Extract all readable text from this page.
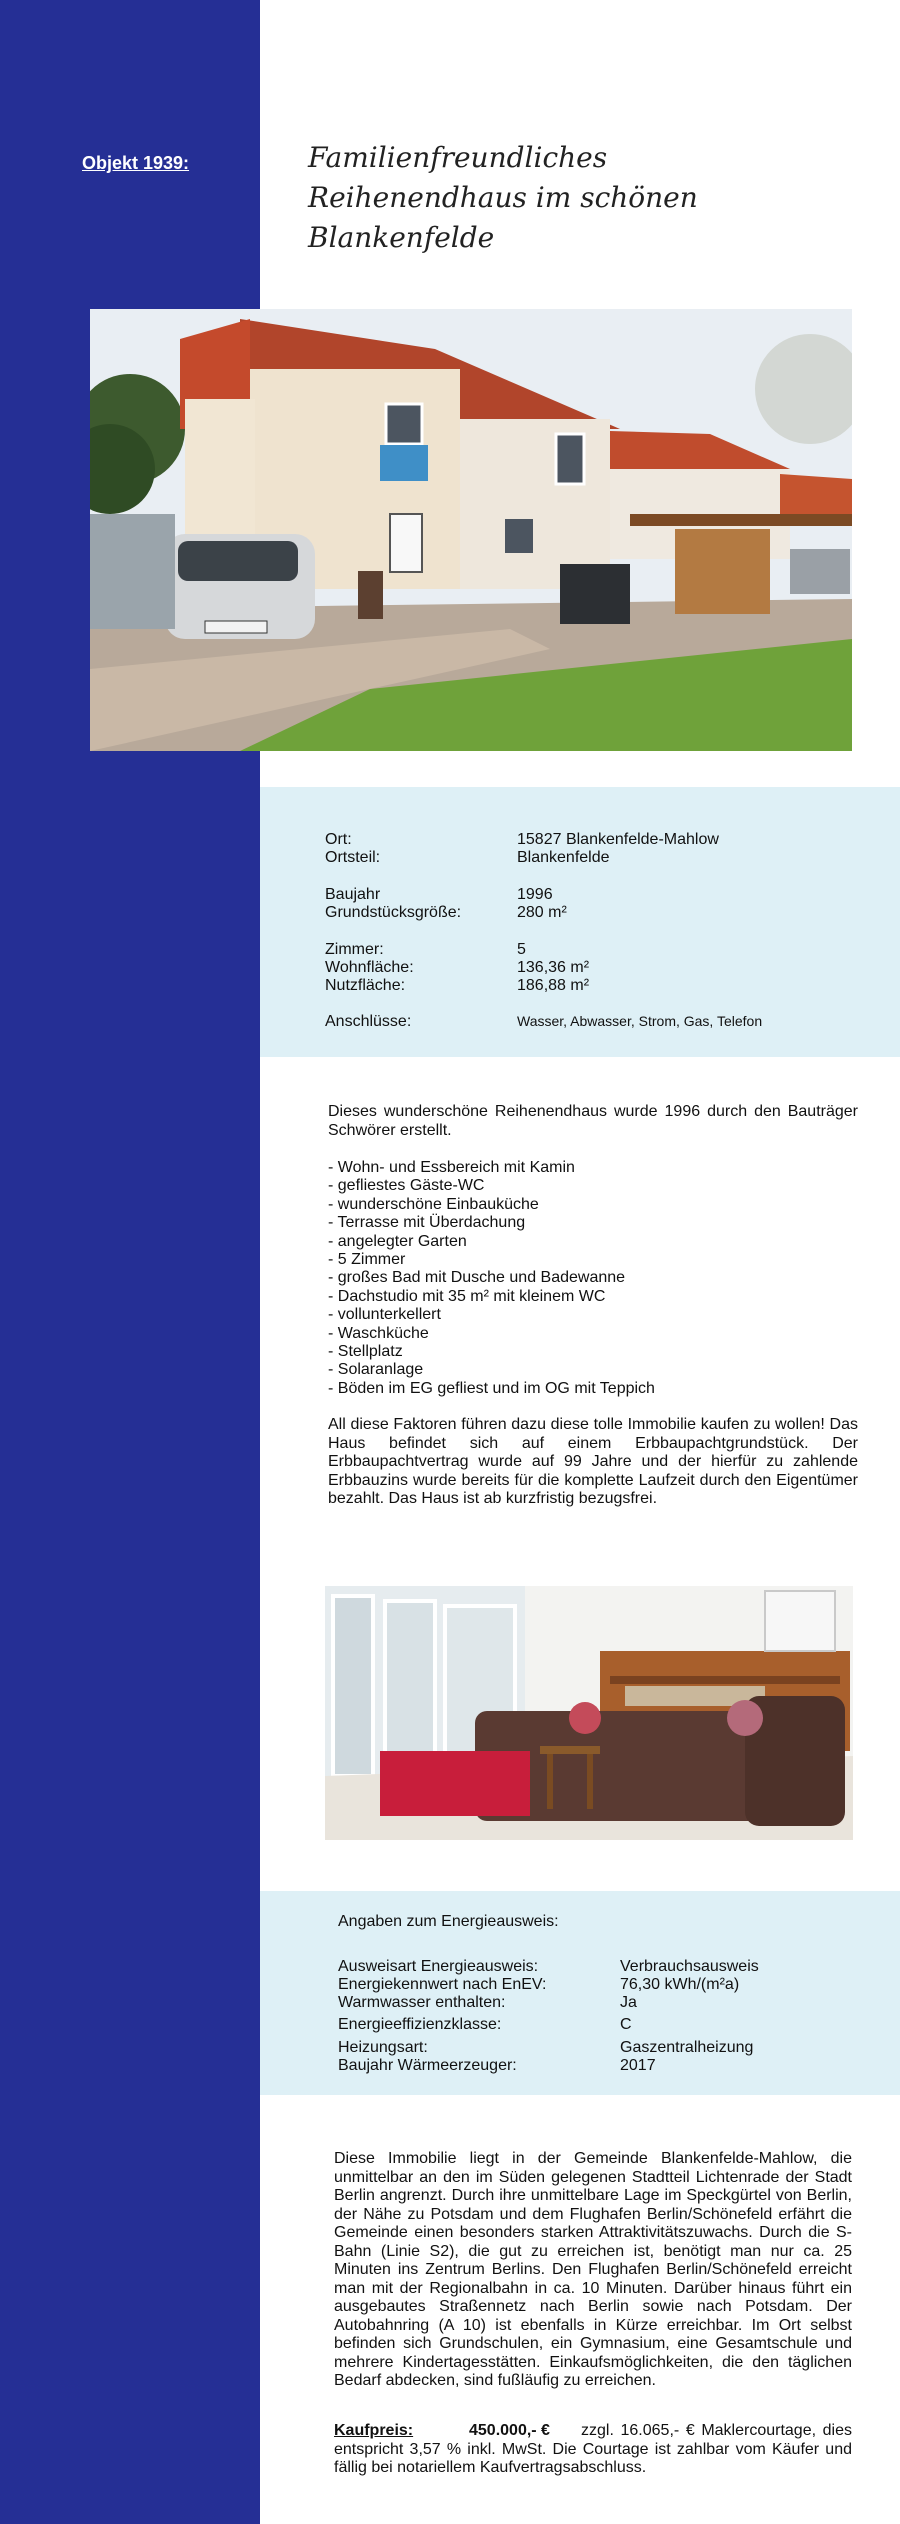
Objekt 1939:	Familienfreundliches Reihenendhaus im schönen Blankenfelde
Ort:	15827 Blankenfelde-Mahlow
Ortsteil:	Blankenfelde
Baujahr	1996
Grundstücksgröße:	280 m²
Zimmer:	5
Wohnfläche:	136,36 m²
Nutzfläche:	186,88 m²
Anschlüsse:	Wasser, Abwasser, Strom, Gas, Telefon
Dieses wunderschöne Reihenendhaus wurde 1996 durch den Bauträger Schwörer erstellt.
- Wohn- und Essbereich mit Kamin
- gefliestes Gäste-WC
- wunderschöne Einbauküche
- Terrasse mit Überdachung
- angelegter Garten
- 5 Zimmer
- großes Bad mit Dusche und Badewanne
- Dachstudio mit 35 m² mit kleinem WC
- vollunterkellert
- Waschküche
- Stellplatz
- Solaranlage
- Böden im EG gefliest und im OG mit Teppich
All diese Faktoren führen dazu diese tolle Immobilie kaufen zu wollen! Das Haus befindet sich auf einem Erbbaupachtgrundstück. Der Erbbaupachtvertrag wurde auf 99 Jahre und der hierfür zu zahlende Erbbauzins wurde bereits für die komplette Laufzeit durch den Eigentümer bezahlt. Das Haus ist ab kurzfristig bezugsfrei.
Angaben zum Energieausweis:
Ausweisart Energieausweis:	Verbrauchsausweis
Energiekennwert nach EnEV:	76,30 kWh/(m²a)
Warmwasser enthalten:	Ja
Energieeffizienzklasse:	C
Heizungsart:	Gaszentralheizung
Baujahr Wärmeerzeuger:	2017
Diese Immobilie liegt in der Gemeinde Blankenfelde-Mahlow, die unmittelbar an den im Süden gelegenen Stadtteil Lichtenrade der Stadt Berlin angrenzt. Durch ihre unmittelbare Lage im Speckgürtel von Berlin, der Nähe zu Potsdam und dem Flughafen Berlin/Schönefeld erfährt die Gemeinde einen besonders starken Attraktivitätszuwachs. Durch die S-Bahn (Linie S2), die gut zu erreichen ist, benötigt man nur ca. 25 Minuten ins Zentrum Berlins. Den Flughafen Berlin/Schönefeld erreicht man mit der Regionalbahn in ca. 10 Minuten. Darüber hinaus führt ein ausgebautes Straßennetz nach Berlin sowie nach Potsdam. Der Autobahnring (A 10) ist ebenfalls in Kürze erreichbar. Im Ort selbst befinden sich Grundschulen, ein Gymnasium, eine Gesamtschule und mehrere Kindertagesstätten. Einkaufsmöglichkeiten, die den täglichen Bedarf abdecken, sind fußläufig zu erreichen.
Kaufpreis:	450.000,- € zzgl. 16.065,- € Maklercourtage, dies entspricht 3,57 % inkl. MwSt. Die Courtage ist zahlbar vom Käufer und fällig bei notariellem Kaufvertragsabschluss.
